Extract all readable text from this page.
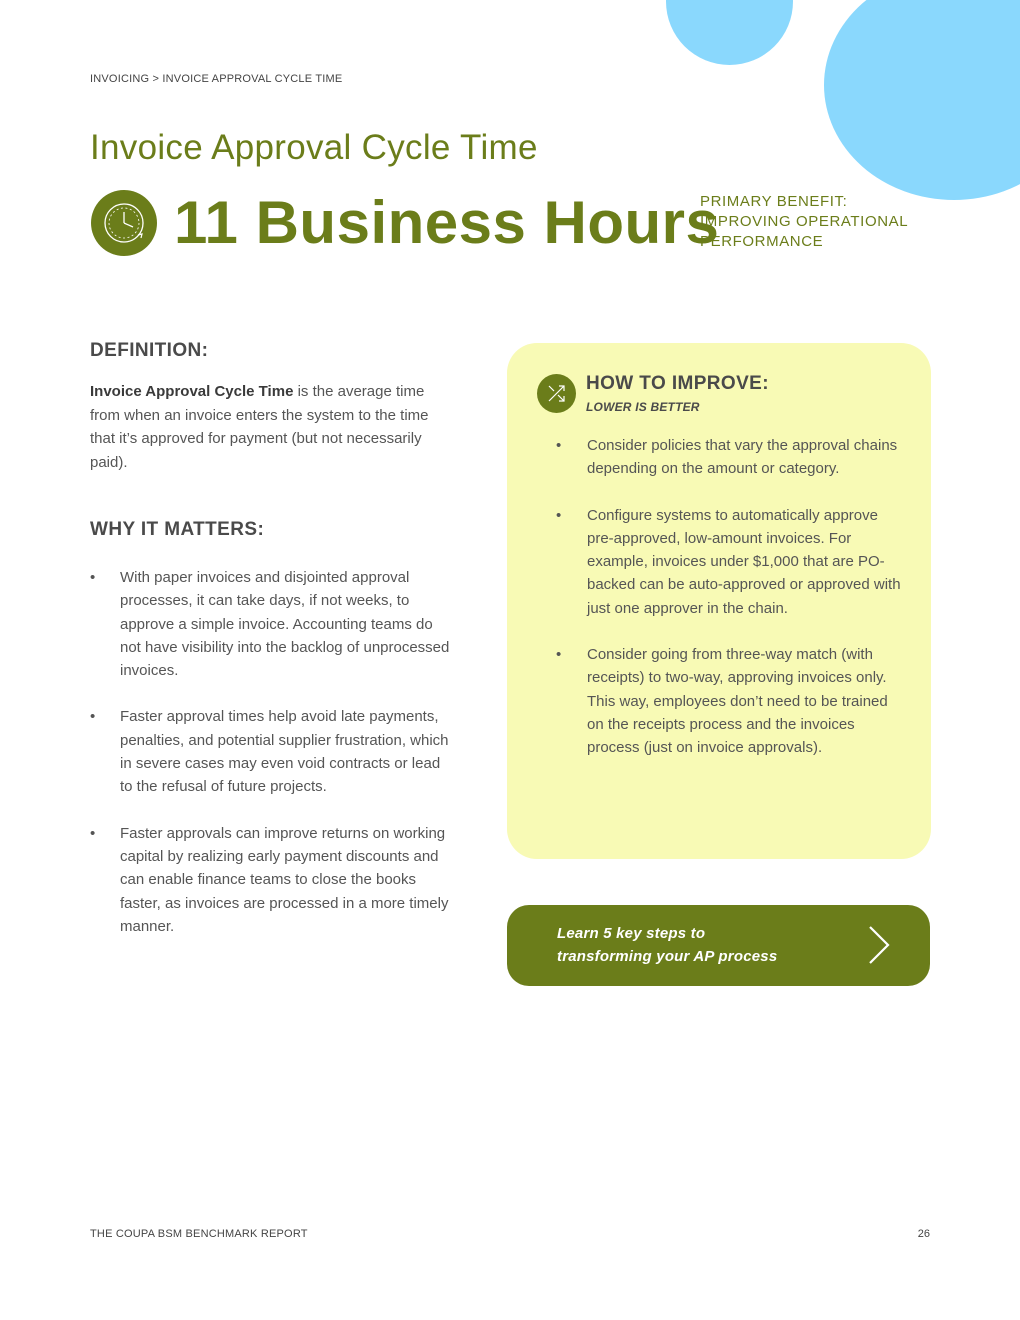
INVOICING > INVOICE APPROVAL CYCLE TIME
Invoice Approval Cycle Time
11 Business Hours
PRIMARY BENEFIT:
IMPROVING OPERATIONAL
PERFORMANCE
DEFINITION:
Invoice Approval Cycle Time is the average time from when an invoice enters the system to the time that it’s approved for payment (but not necessarily paid).
WHY IT MATTERS:
• With paper invoices and disjointed approval processes, it can take days, if not weeks, to approve a simple invoice. Accounting teams do not have visibility into the backlog of unprocessed invoices.
• Faster approval times help avoid late payments, penalties, and potential supplier frustration, which in severe cases may even void contracts or lead to the refusal of future projects.
• Faster approvals can improve returns on working capital by realizing early payment discounts and can enable finance teams to close the books faster, as invoices are processed in a more timely manner.
HOW TO IMPROVE:
LOWER IS BETTER
• Consider policies that vary the approval chains depending on the amount or category.
• Configure systems to automatically approve pre-approved, low-amount invoices. For example, invoices under $1,000 that are PO-backed can be auto-approved or approved with just one approver in the chain.
• Consider going from three-way match (with receipts) to two-way, approving invoices only. This way, employees don’t need to be trained on the receipts process and the invoices process (just on invoice approvals).
Learn 5 key steps to
transforming your AP process
THE COUPA BSM BENCHMARK REPORT	26
